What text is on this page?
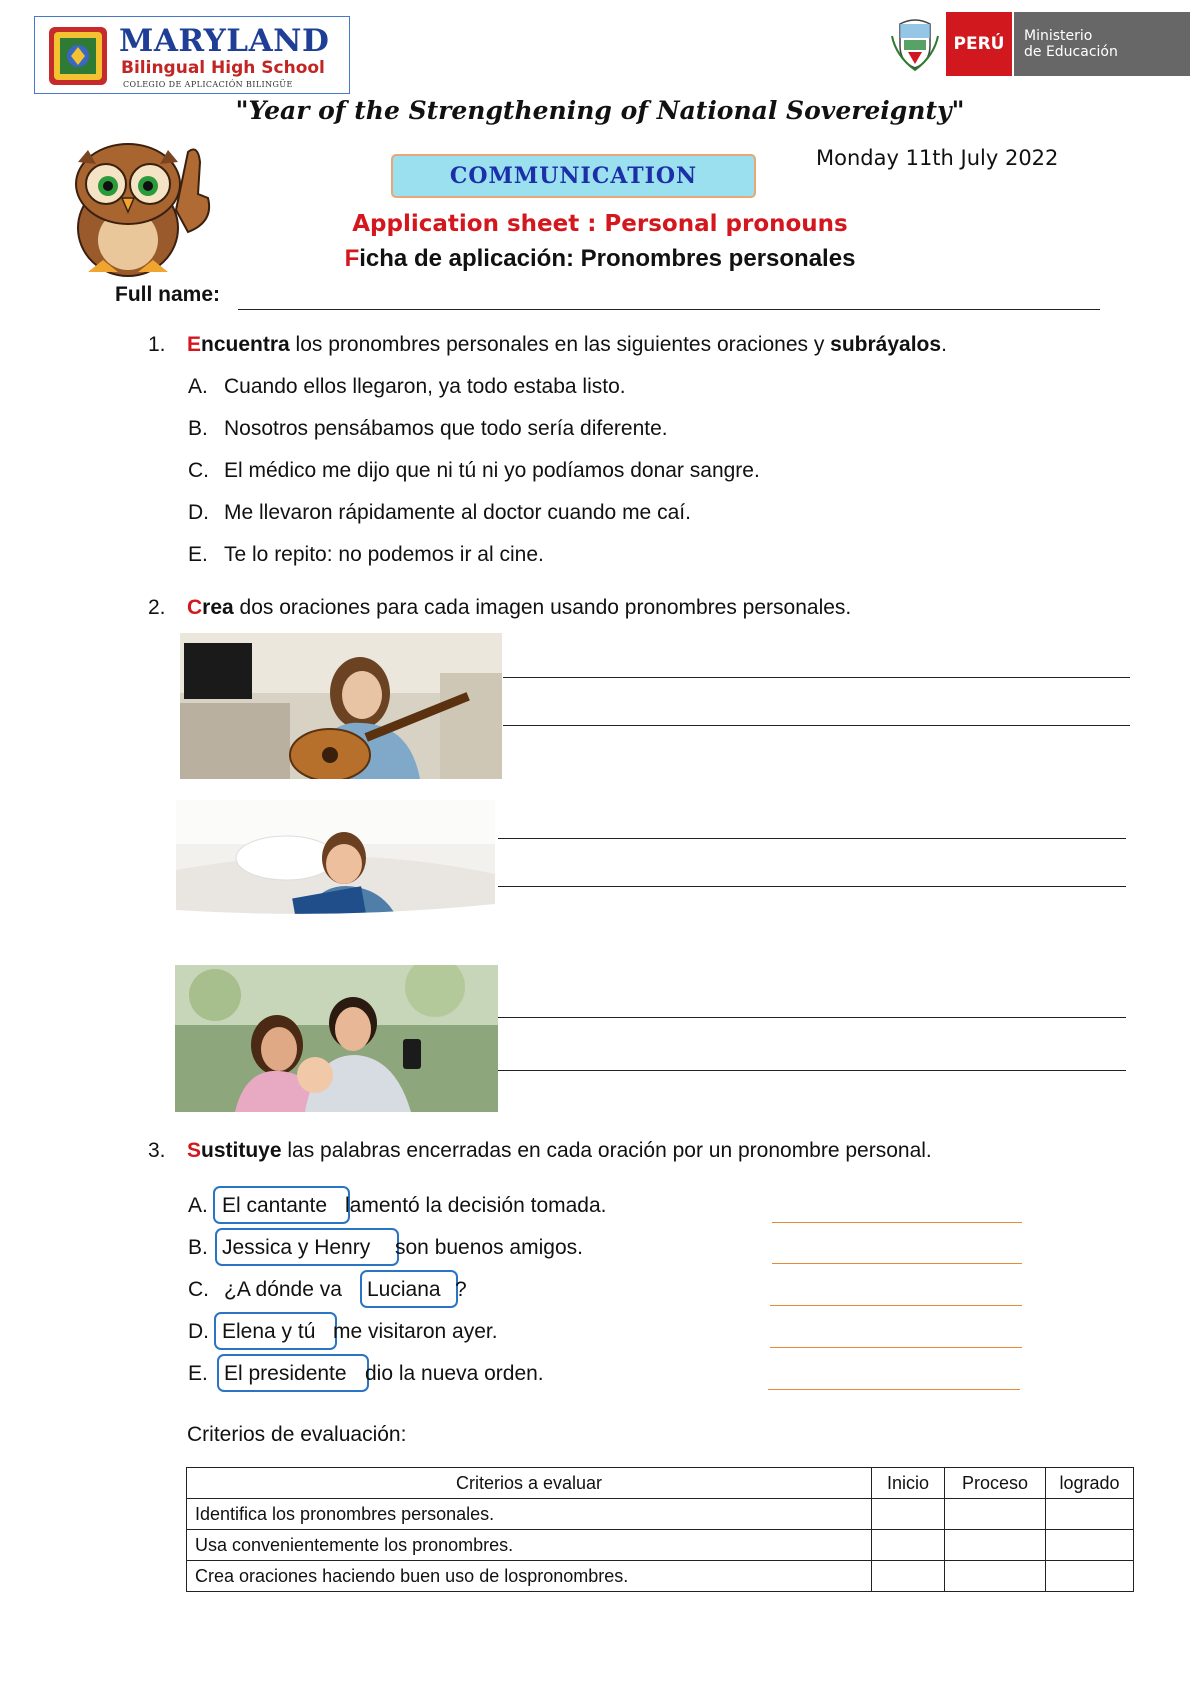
MARYLAND
Bilingual High School
COLEGIO DE APLICACIÓN BILINGÜE
PERÚ	Ministerio
de Educación
"Year of the Strengthening of National Sovereignty"
Monday 11th July 2022
COMMUNICATION
Application sheet : Personal pronouns
Ficha de aplicación: Pronombres personales
Full name:
1. Encuentra los pronombres personales en las siguientes oraciones y subráyalos.
A. Cuando ellos llegaron, ya todo estaba listo.
B. Nosotros pensábamos que todo sería diferente.
C. El médico me dijo que ni tú ni yo podíamos donar sangre.
D. Me llevaron rápidamente al doctor cuando me caí.
E. Te lo repito: no podemos ir al cine.
2. Crea dos oraciones para cada imagen usando pronombres personales.
3. Sustituye las palabras encerradas en cada oración por un pronombre personal.
A. El cantante lamentó la decisión tomada.
B. Jessica y Henry son buenos amigos.
C. ¿A dónde va Luciana ?
D. Elena y tú me visitaron ayer.
E. El presidente dio la nueva orden.
Criterios de evaluación:
Criterios a evaluar	Inicio	Proceso	logrado
Identifica los pronombres personales.			
Usa convenientemente los pronombres.			
Crea oraciones haciendo buen uso de lospronombres.			
